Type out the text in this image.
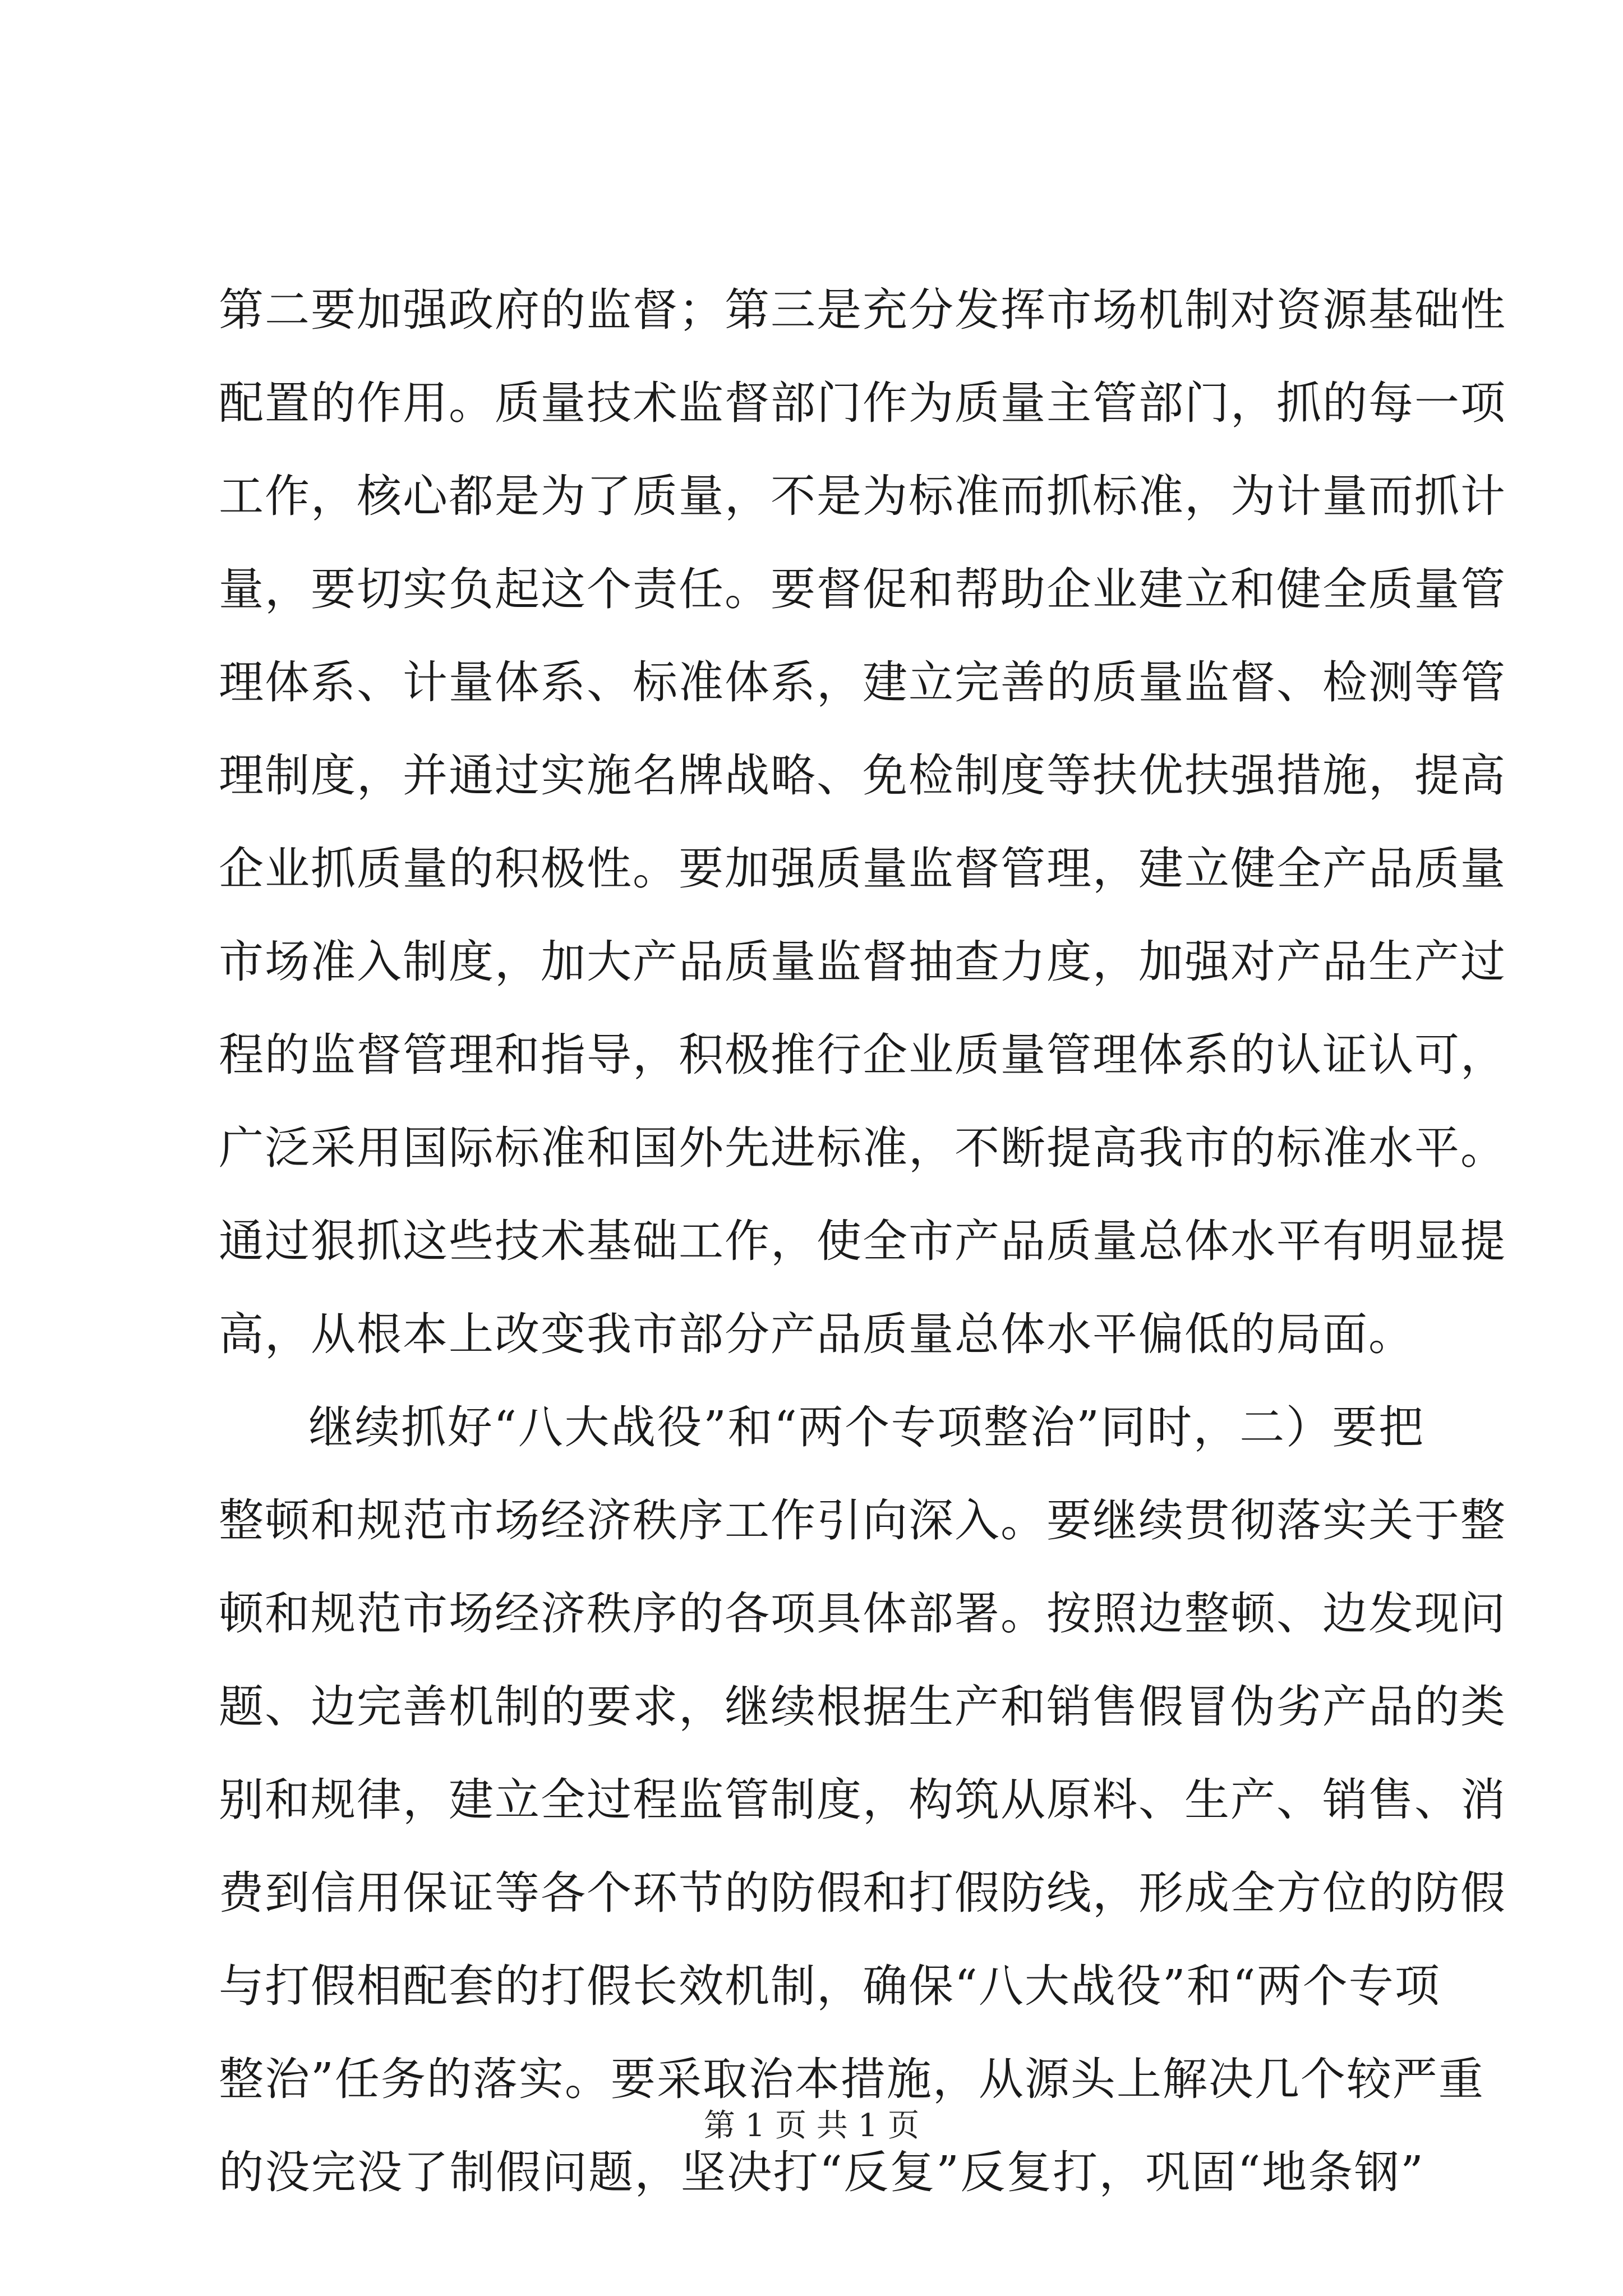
第二要加强政府的监督；第三是充分发挥市场机制对资源基础性
配置的作用。质量技术监督部门作为质量主管部门，抓的每一项
工作，核心都是为了质量，不是为标准而抓标准，为计量而抓计
量，要切实负起这个责任。要督促和帮助企业建立和健全质量管
理体系、计量体系、标准体系，建立完善的质量监督、检测等管
理制度，并通过实施名牌战略、免检制度等扶优扶强措施，提高
企业抓质量的积极性。要加强质量监督管理，建立健全产品质量
市场准入制度，加大产品质量监督抽查力度，加强对产品生产过
程的监督管理和指导，积极推行企业质量管理体系的认证认可，
广泛采用国际标准和国外先进标准，不断提高我市的标准水平。
通过狠抓这些技术基础工作，使全市产品质量总体水平有明显提
高，从根本上改变我市部分产品质量总体水平偏低的局面。
继续抓好“八大战役”和“两个专项整治”同时，二）要把
整顿和规范市场经济秩序工作引向深入。要继续贯彻落实关于整
顿和规范市场经济秩序的各项具体部署。按照边整顿、边发现问
题、边完善机制的要求，继续根据生产和销售假冒伪劣产品的类
别和规律，建立全过程监管制度，构筑从原料、生产、销售、消
费到信用保证等各个环节的防假和打假防线，形成全方位的防假
与打假相配套的打假长效机制，确保“八大战役”和“两个专项
整治”任务的落实。要采取治本措施，从源头上解决几个较严重
的没完没了制假问题，坚决打“反复”反复打，巩固“地条钢”
第 1 页 共 1 页
